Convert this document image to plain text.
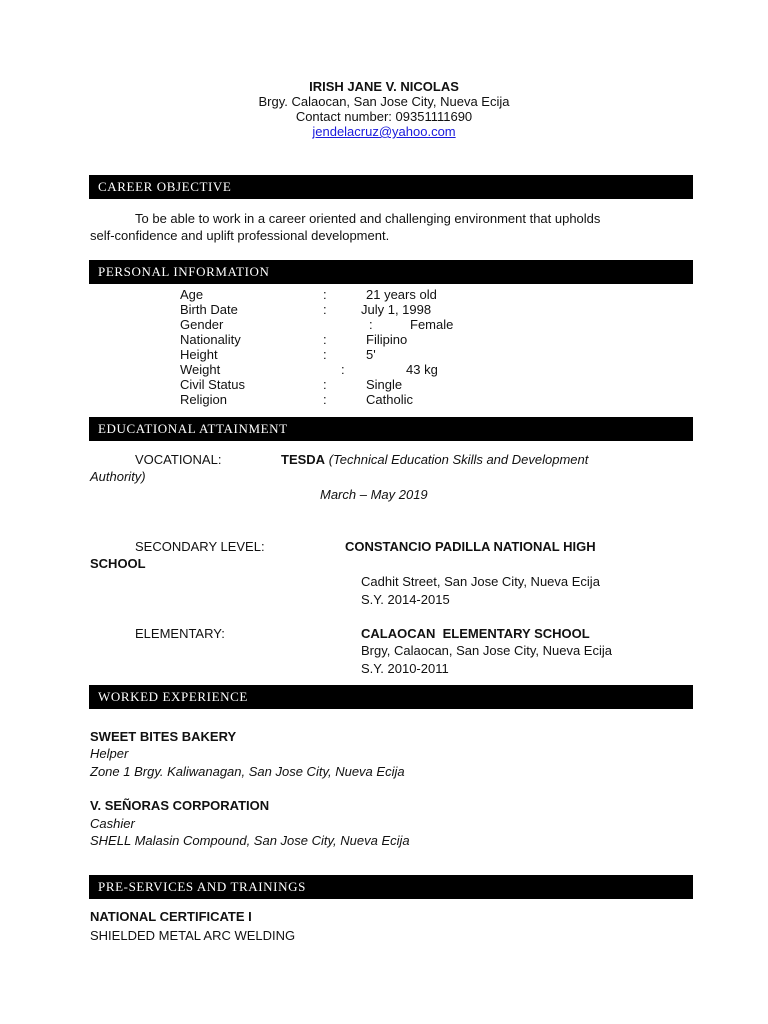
IRISH JANE V. NICOLAS
Brgy. Calaocan, San Jose City, Nueva Ecija
Contact number: 09351111690
jendelacruz@yahoo.com
CAREER OBJECTIVE
To be able to work in a career oriented and challenging environment that upholds
self-confidence and uplift professional development.
PERSONAL INFORMATION
Age	:	21 years old
Birth Date	:	July 1, 1998
Gender	:	Female
Nationality	:	Filipino
Height	:	5'
Weight	:	43 kg
Civil Status	:	Single
Religion	:	Catholic
EDUCATIONAL ATTAINMENT
VOCATIONAL:	TESDA (Technical Education Skills and Development
Authority)
March – May 2019
SECONDARY LEVEL:	CONSTANCIO PADILLA NATIONAL HIGH
SCHOOL
Cadhit Street, San Jose City, Nueva Ecija
S.Y. 2014-2015
ELEMENTARY:	CALAOCAN  ELEMENTARY SCHOOL
Brgy, Calaocan, San Jose City, Nueva Ecija
S.Y. 2010-2011
WORKED EXPERIENCE
SWEET BITES BAKERY
Helper
Zone 1 Brgy. Kaliwanagan, San Jose City, Nueva Ecija
V. SEÑORAS CORPORATION
Cashier
SHELL Malasin Compound, San Jose City, Nueva Ecija
PRE-SERVICES AND TRAININGS
NATIONAL CERTIFICATE I
SHIELDED METAL ARC WELDING
